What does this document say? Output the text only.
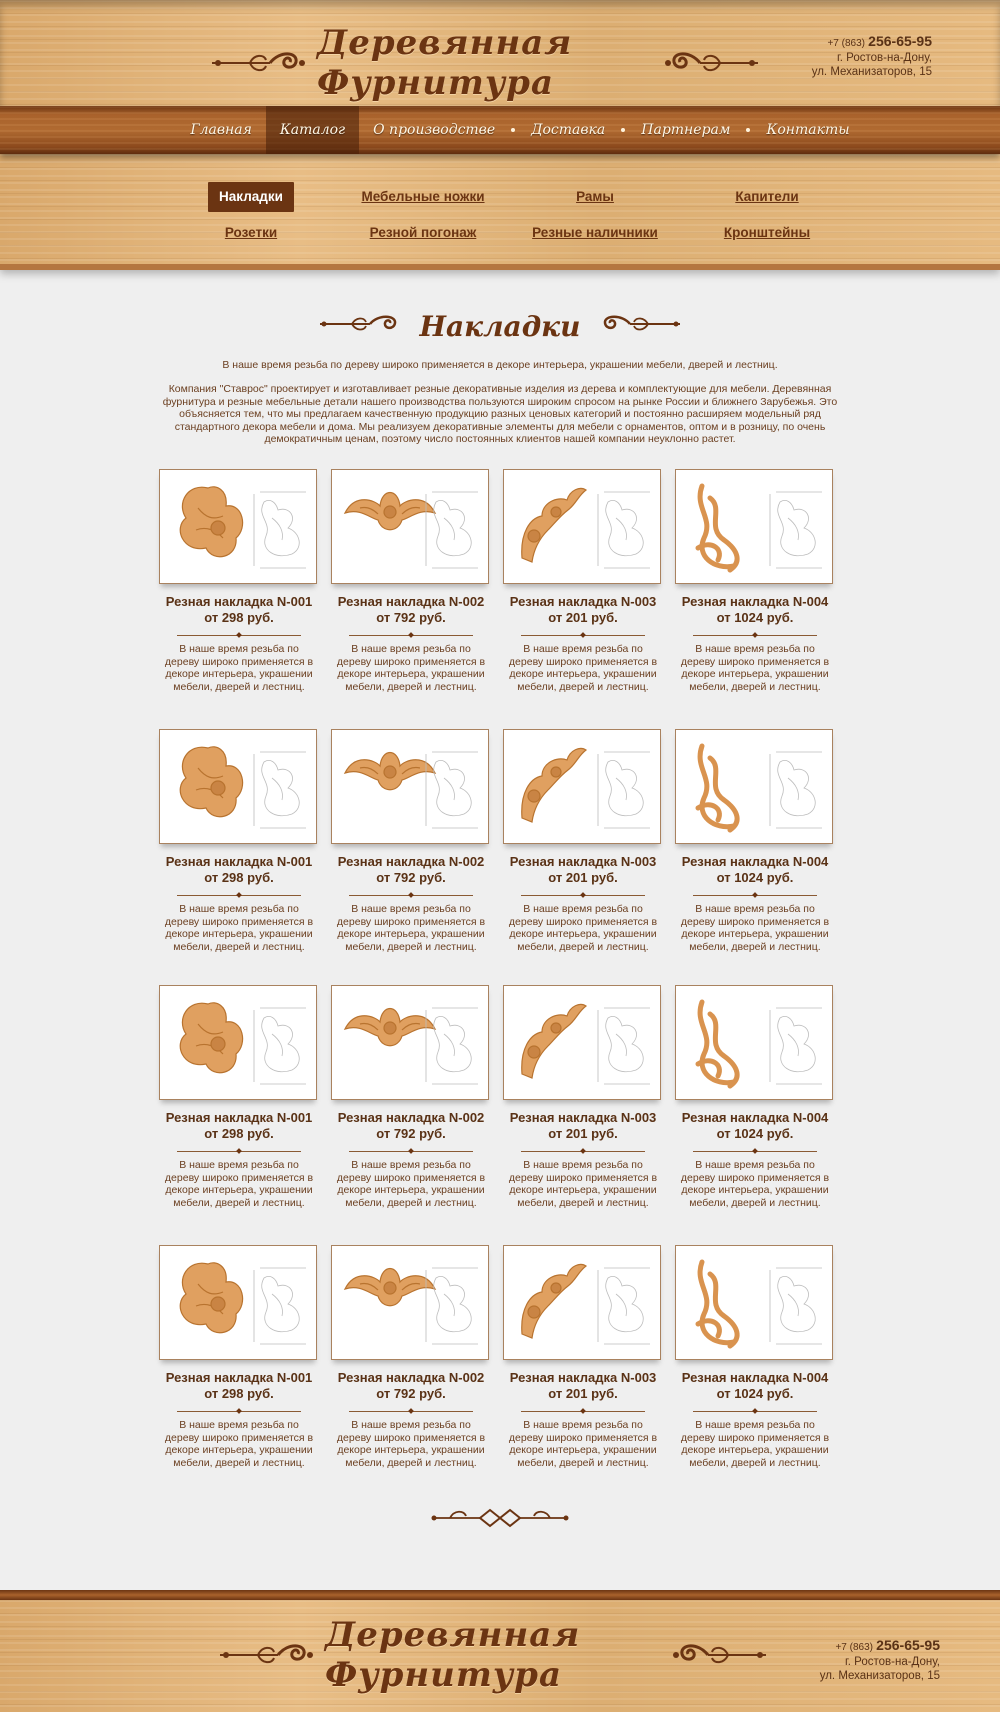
Деревянная Фурнитура
+7 (863) 256-65-95
г. Ростов-на-Дону,
ул. Механизаторов, 15
Главная	Каталог	О производстве	Доставка	Партнерам	Контакты
Накладки	Мебельные ножки	Рамы	Капители
Розетки	Резной погонаж	Резные наличники	Кронштейны
Накладки

В наше время резьба по дереву широко применяется в декоре интерьера, украшении мебели, дверей и лестниц.

Компания "Ставрос" проектирует и изготавливает резные декоративные изделия из дерева и комплектующие для мебели. Деревянная фурнитура и резные мебельные детали нашего производства пользуются широким спросом на рынке России и ближнего Зарубежья. Это объясняется тем, что мы предлагаем качественную продукцию разных ценовых категорий и постоянно расширяем модельный ряд стандартного декора мебели и дома. Мы реализуем декоративные элементы для мебели с орнаментов, оптом и в розницу, по очень демократичным ценам, поэтому число постоянных клиентов нашей компании неуклонно растет.

Резная накладка N-001
от 298 руб.

В наше время резьба по дереву широко применяется в декоре интерьера, украшении мебели, дверей и лестниц.

Резная накладка N-002
от 792 руб.

В наше время резьба по дереву широко применяется в декоре интерьера, украшении мебели, дверей и лестниц.

Резная накладка N-003
от 201 руб.

В наше время резьба по дереву широко применяется в декоре интерьера, украшении мебели, дверей и лестниц.

Резная накладка N-004
от 1024 руб.

В наше время резьба по дереву широко применяется в декоре интерьера, украшении мебели, дверей и лестниц.

Резная накладка N-001
от 298 руб.

В наше время резьба по дереву широко применяется в декоре интерьера, украшении мебели, дверей и лестниц.

Резная накладка N-002
от 792 руб.

В наше время резьба по дереву широко применяется в декоре интерьера, украшении мебели, дверей и лестниц.

Резная накладка N-003
от 201 руб.

В наше время резьба по дереву широко применяется в декоре интерьера, украшении мебели, дверей и лестниц.

Резная накладка N-004
от 1024 руб.

В наше время резьба по дереву широко применяется в декоре интерьера, украшении мебели, дверей и лестниц.

Резная накладка N-001
от 298 руб.

В наше время резьба по дереву широко применяется в декоре интерьера, украшении мебели, дверей и лестниц.

Резная накладка N-002
от 792 руб.

В наше время резьба по дереву широко применяется в декоре интерьера, украшении мебели, дверей и лестниц.

Резная накладка N-003
от 201 руб.

В наше время резьба по дереву широко применяется в декоре интерьера, украшении мебели, дверей и лестниц.

Резная накладка N-004
от 1024 руб.

В наше время резьба по дереву широко применяется в декоре интерьера, украшении мебели, дверей и лестниц.

Резная накладка N-001
от 298 руб.

В наше время резьба по дереву широко применяется в декоре интерьера, украшении мебели, дверей и лестниц.

Резная накладка N-002
от 792 руб.

В наше время резьба по дереву широко применяется в декоре интерьера, украшении мебели, дверей и лестниц.

Резная накладка N-003
от 201 руб.

В наше время резьба по дереву широко применяется в декоре интерьера, украшении мебели, дверей и лестниц.

Резная накладка N-004
от 1024 руб.

В наше время резьба по дереву широко применяется в декоре интерьера, украшении мебели, дверей и лестниц.

Деревянная Фурнитура
+7 (863) 256-65-95
г. Ростов-на-Дону,
ул. Механизаторов, 15
